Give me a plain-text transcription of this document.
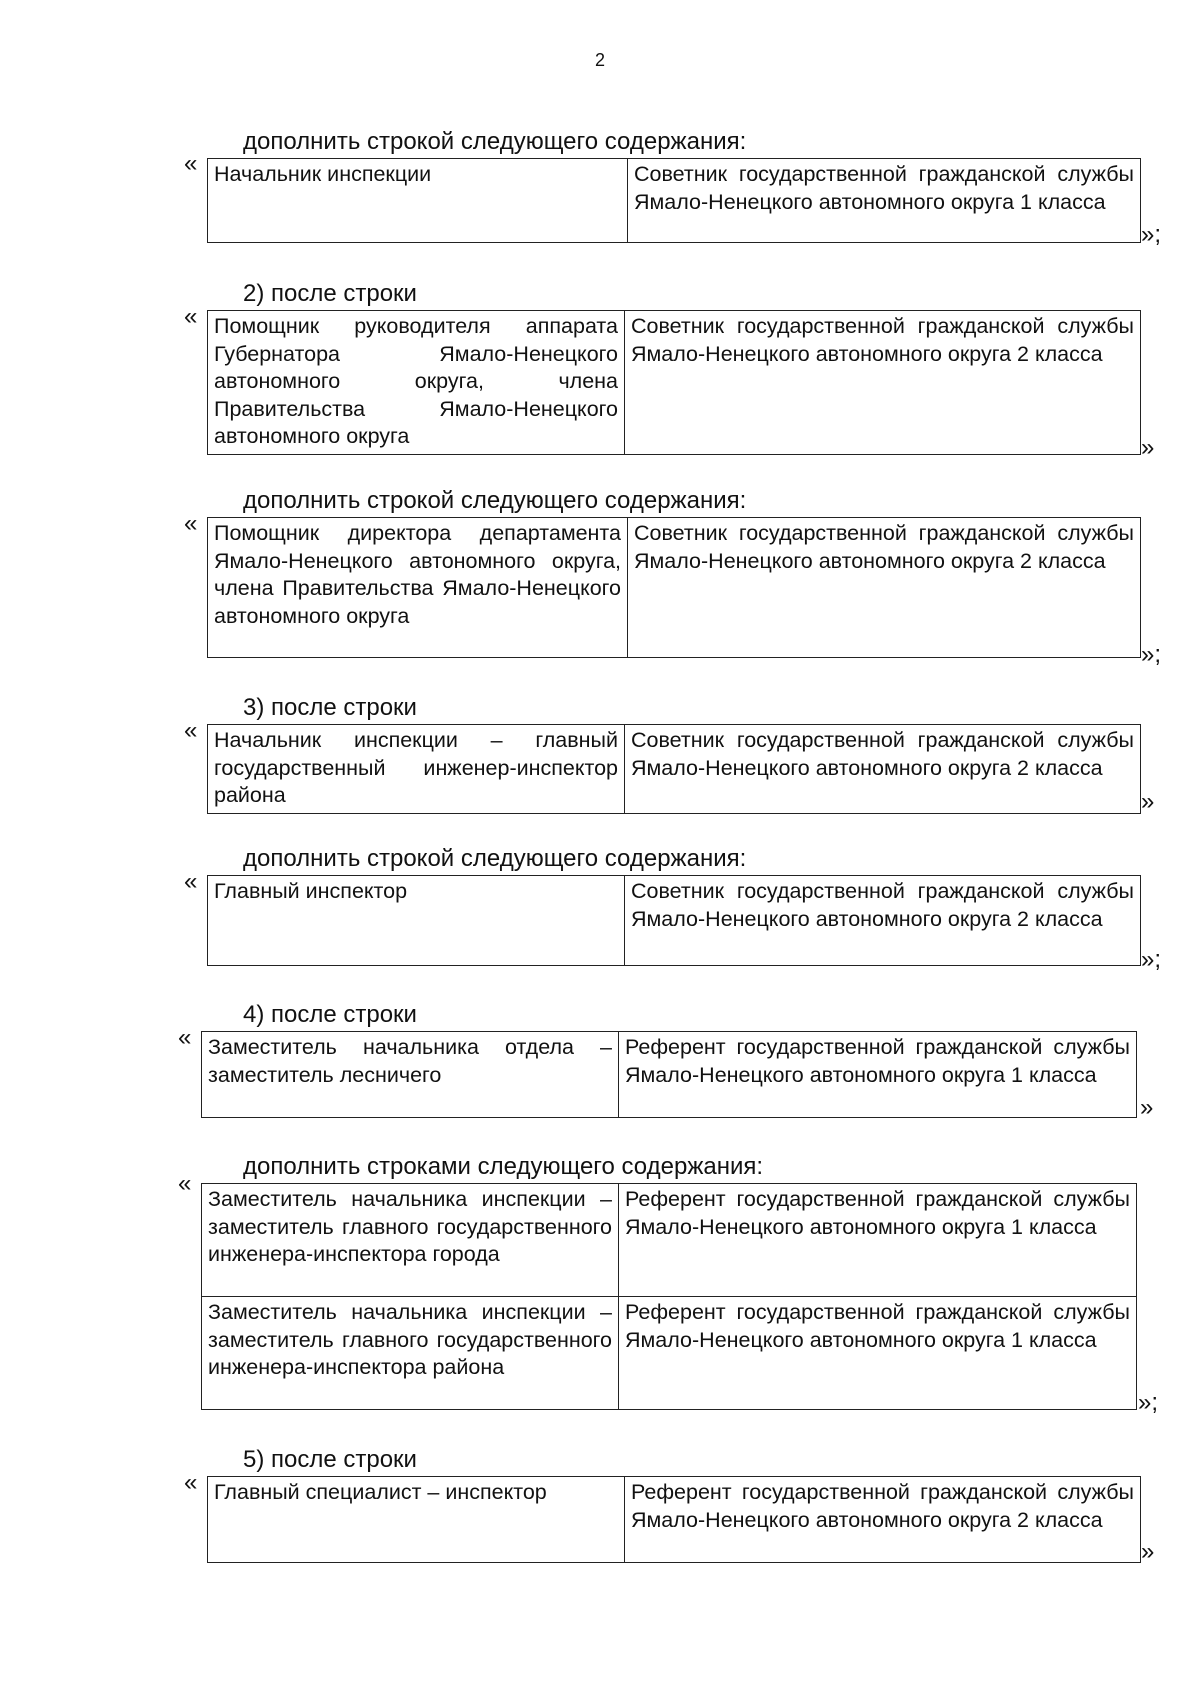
2
дополнить строкой следующего содержания:
« Начальник инспекции	Советник государственной гражданской службы Ямало-Ненецкого автономного округа 1 класса
»;
2) после строки
« Помощник руководителя аппарата Губернатора Ямало-Ненецкого автономного округа, члена Правительства Ямало-Ненецкого автономного округа	Советник государственной гражданской службы Ямало-Ненецкого автономного округа 2 класса
»
дополнить строкой следующего содержания:
« Помощник директора департамента Ямало-Ненецкого автономного округа, члена Правительства Ямало-Ненецкого автономного округа	Советник государственной гражданской службы Ямало-Ненецкого автономного округа 2 класса
»;
3) после строки
« Начальник инспекции – главный государственный инженер-инспектор района	Советник государственной гражданской службы Ямало-Ненецкого автономного округа 2 класса
»
дополнить строкой следующего содержания:
« Главный инспектор	Советник государственной гражданской службы Ямало-Ненецкого автономного округа 2 класса
»;
4) после строки
« Заместитель начальника отдела – заместитель лесничего	Референт государственной гражданской службы Ямало-Ненецкого автономного округа 1 класса
»
дополнить строками следующего содержания:
«
Заместитель начальника инспекции – заместитель главного государственного инженера-инспектора города	Референт государственной гражданской службы Ямало-Ненецкого автономного округа 1 класса
Заместитель начальника инспекции – заместитель главного государственного инженера-инспектора района	Референт государственной гражданской службы Ямало-Ненецкого автономного округа 1 класса
»;
5) после строки
« Главный специалист – инспектор	Референт государственной гражданской службы Ямало-Ненецкого автономного округа 2 класса
»
